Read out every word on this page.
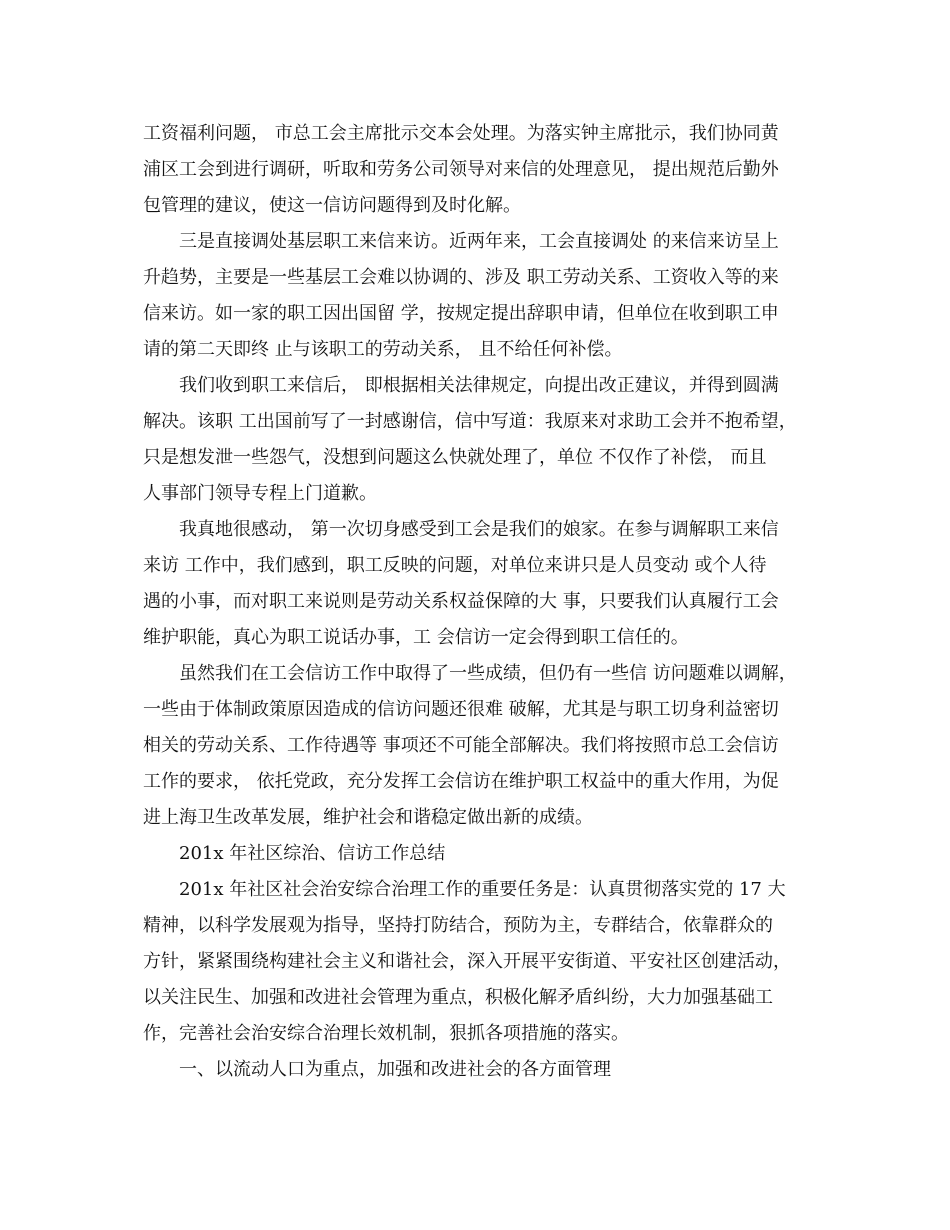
工资福利问题， 市总工会主席批示交本会处理。为落实钟主席批示，我们协同黄
浦区工会到进行调研，听取和劳务公司领导对来信的处理意见， 提出规范后勤外
包管理的建议，使这一信访问题得到及时化解。
三是直接调处基层职工来信来访。近两年来，工会直接调处 的来信来访呈上
升趋势，主要是一些基层工会难以协调的、涉及 职工劳动关系、工资收入等的来
信来访。如一家的职工因出国留 学，按规定提出辞职申请，但单位在收到职工申
请的第二天即终 止与该职工的劳动关系， 且不给任何补偿。
我们收到职工来信后， 即根据相关法律规定，向提出改正建议，并得到圆满
解决。该职 工出国前写了一封感谢信，信中写道：我原来对求助工会并不抱希望，
只是想发泄一些怨气，没想到问题这么快就处理了，单位 不仅作了补偿， 而且
人事部门领导专程上门道歉。
我真地很感动， 第一次切身感受到工会是我们的娘家。在参与调解职工来信
来访 工作中，我们感到，职工反映的问题，对单位来讲只是人员变动 或个人待
遇的小事，而对职工来说则是劳动关系权益保障的大 事，只要我们认真履行工会
维护职能，真心为职工说话办事，工 会信访一定会得到职工信任的。
虽然我们在工会信访工作中取得了一些成绩，但仍有一些信 访问题难以调解，
一些由于体制政策原因造成的信访问题还很难 破解，尤其是与职工切身利益密切
相关的劳动关系、工作待遇等 事项还不可能全部解决。我们将按照市总工会信访
工作的要求， 依托党政，充分发挥工会信访在维护职工权益中的重大作用，为促
进上海卫生改革发展，维护社会和谐稳定做出新的成绩。
201x 年社区综治、信访工作总结
201x 年社区社会治安综合治理工作的重要任务是：认真贯彻落实党的 17 大
精神，以科学发展观为指导，坚持打防结合，预防为主，专群结合，依靠群众的
方针，紧紧围绕构建社会主义和谐社会，深入开展平安街道、平安社区创建活动，
以关注民生、加强和改进社会管理为重点，积极化解矛盾纠纷，大力加强基础工
作，完善社会治安综合治理长效机制，狠抓各项措施的落实。
一、以流动人口为重点，加强和改进社会的各方面管理
